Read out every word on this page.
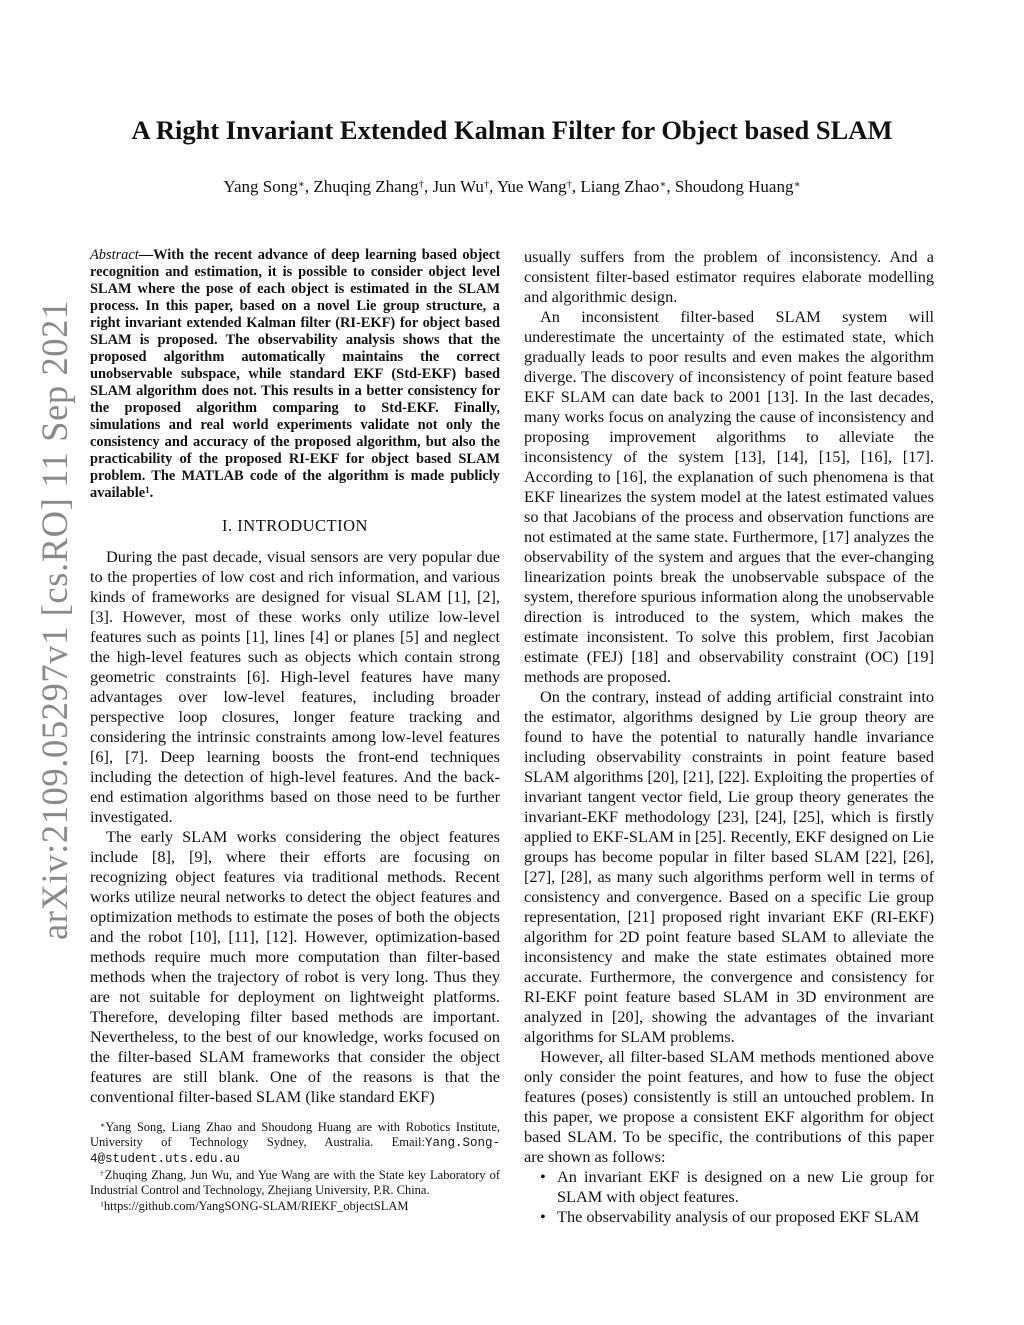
arXiv:2109.05297v1 [cs.RO] 11 Sep 2021
A Right Invariant Extended Kalman Filter for Object based SLAM

Yang Song∗, Zhuqing Zhang†, Jun Wu†, Yue Wang†, Liang Zhao∗, Shoudong Huang∗

Abstract—With the recent advance of deep learning based object recognition and estimation, it is possible to consider object level SLAM where the pose of each object is estimated in the SLAM process. In this paper, based on a novel Lie group structure, a right invariant extended Kalman filter (RI-EKF) for object based SLAM is proposed. The observability analysis shows that the proposed algorithm automatically maintains the correct unobservable subspace, while standard EKF (Std-EKF) based SLAM algorithm does not. This results in a better consistency for the proposed algorithm comparing to Std-EKF. Finally, simulations and real world experiments validate not only the consistency and accuracy of the proposed algorithm, but also the practicability of the proposed RI-EKF for object based SLAM problem. The MATLAB code of the algorithm is made publicly available$^1$.

I. INTRODUCTION

During the past decade, visual sensors are very popular due to the properties of low cost and rich information, and various kinds of frameworks are designed for visual SLAM [1], [2], [3]. However, most of these works only utilize low-level features such as points [1], lines [4] or planes [5] and neglect the high-level features such as objects which contain strong geometric constraints [6]. High-level features have many advantages over low-level features, including broader perspective loop closures, longer feature tracking and considering the intrinsic constraints among low-level features [6], [7]. Deep learning boosts the front-end techniques including the detection of high-level features. And the back-end estimation algorithms based on those need to be further investigated.

The early SLAM works considering the object features include [8], [9], where their efforts are focusing on recognizing object features via traditional methods. Recent works utilize neural networks to detect the object features and optimization methods to estimate the poses of both the objects and the robot [10], [11], [12]. However, optimization-based methods require much more computation than filter-based methods when the trajectory of robot is very long. Thus they are not suitable for deployment on lightweight platforms. Therefore, developing filter based methods are important. Nevertheless, to the best of our knowledge, works focused on the filter-based SLAM frameworks that consider the object features are still blank. One of the reasons is that the conventional filter-based SLAM (like standard EKF)

∗Yang Song, Liang Zhao and Shoudong Huang are with Robotics Institute, University of Technology Sydney, Australia. Email:Yang.Song-4@student.uts.edu.au

†Zhuqing Zhang, Jun Wu, and Yue Wang are with the State key Laboratory of Industrial Control and Technology, Zhejiang University, P.R. China.

$^1$https://github.com/YangSONG-SLAM/RIEKF_objectSLAM

usually suffers from the problem of inconsistency. And a consistent filter-based estimator requires elaborate modelling and algorithmic design.

An inconsistent filter-based SLAM system will underestimate the uncertainty of the estimated state, which gradually leads to poor results and even makes the algorithm diverge. The discovery of inconsistency of point feature based EKF SLAM can date back to 2001 [13]. In the last decades, many works focus on analyzing the cause of inconsistency and proposing improvement algorithms to alleviate the inconsistency of the system [13], [14], [15], [16], [17]. According to [16], the explanation of such phenomena is that EKF linearizes the system model at the latest estimated values so that Jacobians of the process and observation functions are not estimated at the same state. Furthermore, [17] analyzes the observability of the system and argues that the ever-changing linearization points break the unobservable subspace of the system, therefore spurious information along the unobservable direction is introduced to the system, which makes the estimate inconsistent. To solve this problem, first Jacobian estimate (FEJ) [18] and observability constraint (OC) [19] methods are proposed.

On the contrary, instead of adding artificial constraint into the estimator, algorithms designed by Lie group theory are found to have the potential to naturally handle invariance including observability constraints in point feature based SLAM algorithms [20], [21], [22]. Exploiting the properties of invariant tangent vector field, Lie group theory generates the invariant-EKF methodology [23], [24], [25], which is firstly applied to EKF-SLAM in [25]. Recently, EKF designed on Lie groups has become popular in filter based SLAM [22], [26], [27], [28], as many such algorithms perform well in terms of consistency and convergence. Based on a specific Lie group representation, [21] proposed right invariant EKF (RI-EKF) algorithm for 2D point feature based SLAM to alleviate the inconsistency and make the state estimates obtained more accurate. Furthermore, the convergence and consistency for RI-EKF point feature based SLAM in 3D environment are analyzed in [20], showing the advantages of the invariant algorithms for SLAM problems.

However, all filter-based SLAM methods mentioned above only consider the point features, and how to fuse the object features (poses) consistently is still an untouched problem. In this paper, we propose a consistent EKF algorithm for object based SLAM. To be specific, the contributions of this paper are shown as follows:

• An invariant EKF is designed on a new Lie group for SLAM with object features.
• The observability analysis of our proposed EKF SLAM
